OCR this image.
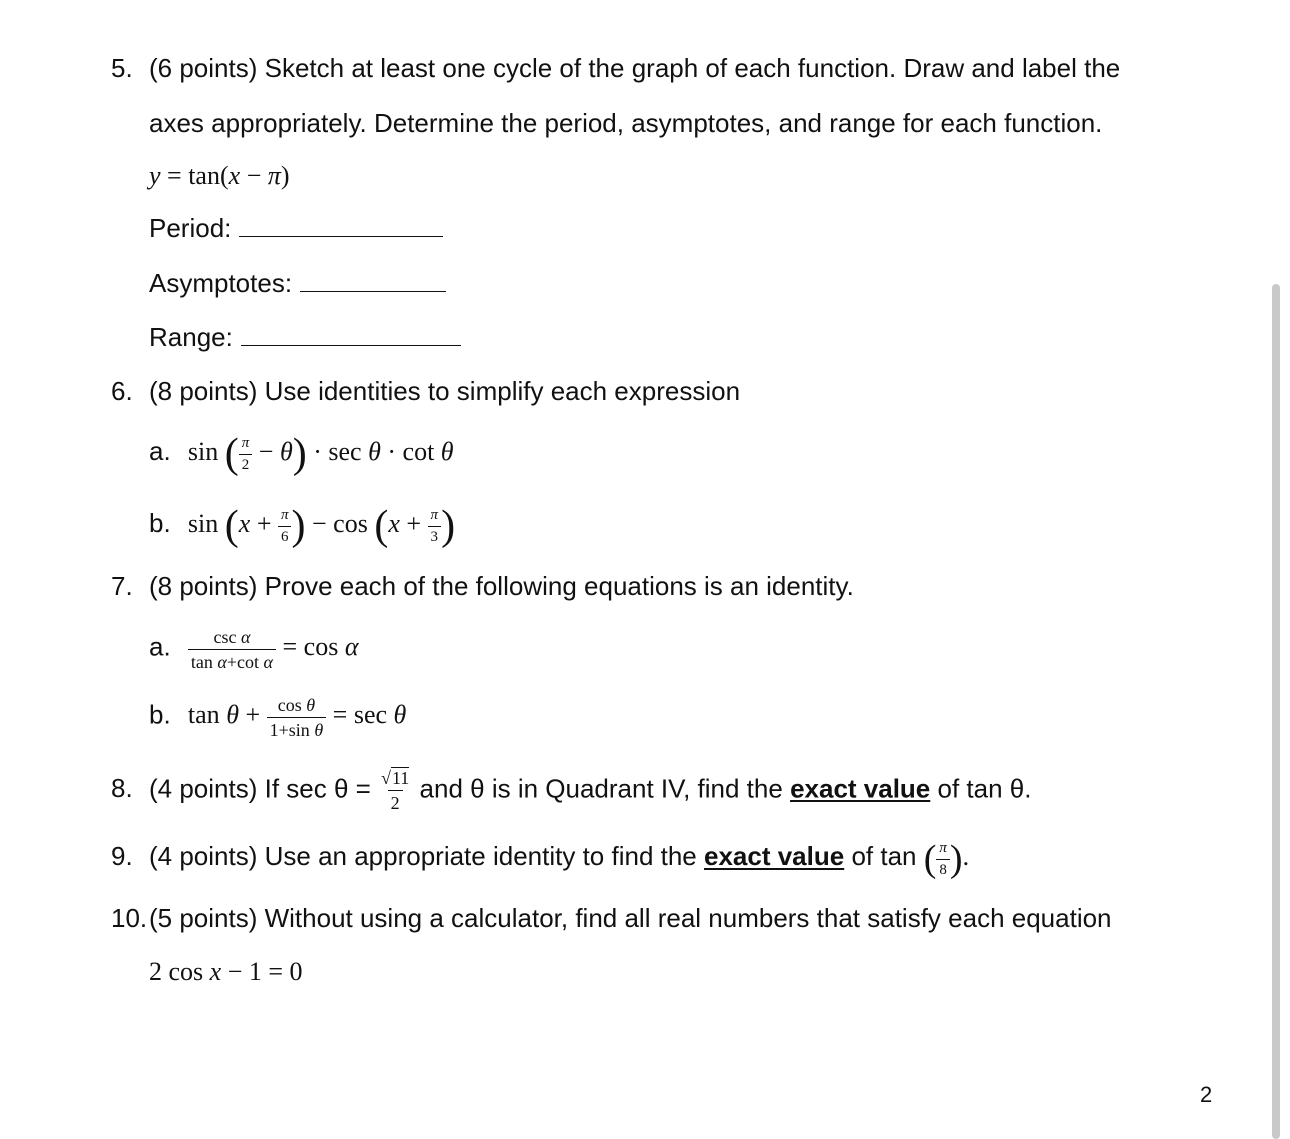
5. (6 points) Sketch at least one cycle of the graph of each function. Draw and label the
axes appropriately. Determine the period, asymptotes, and range for each function.
y = tan(x − π)
Period:
Asymptotes:
Range:
6. (8 points) Use identities to simplify each expression
a. sin ( $\frac{\pi}{2} - \theta) \cdot \sec \theta \cdot \cot \theta$
b. $\sin (x + \frac{\pi}{6}$ ) − $\cos (x + \frac{\pi}{3}$ )
7. (8 points) Prove each of the following equations is an identity.
a. $\frac{\text{csc α}}{\text{tan α+cot α}} = \cos \alpha$
b. $\tan \theta + \frac{\text{cos θ}}{\text{1+sin θ}} = \sec \theta$
8. (4 points) If $\sec \theta = \frac{√11}{2}$ and θ is in Quadrant IV, find the exact value of tan θ.
9. (4 points) Use an appropriate identity to find the exact value of tan ( $\frac{\pi}{8}$ ).
10.(5 points) Without using a calculator, find all real numbers that satisfy each equation
2 cos x − 1 = 0
2
